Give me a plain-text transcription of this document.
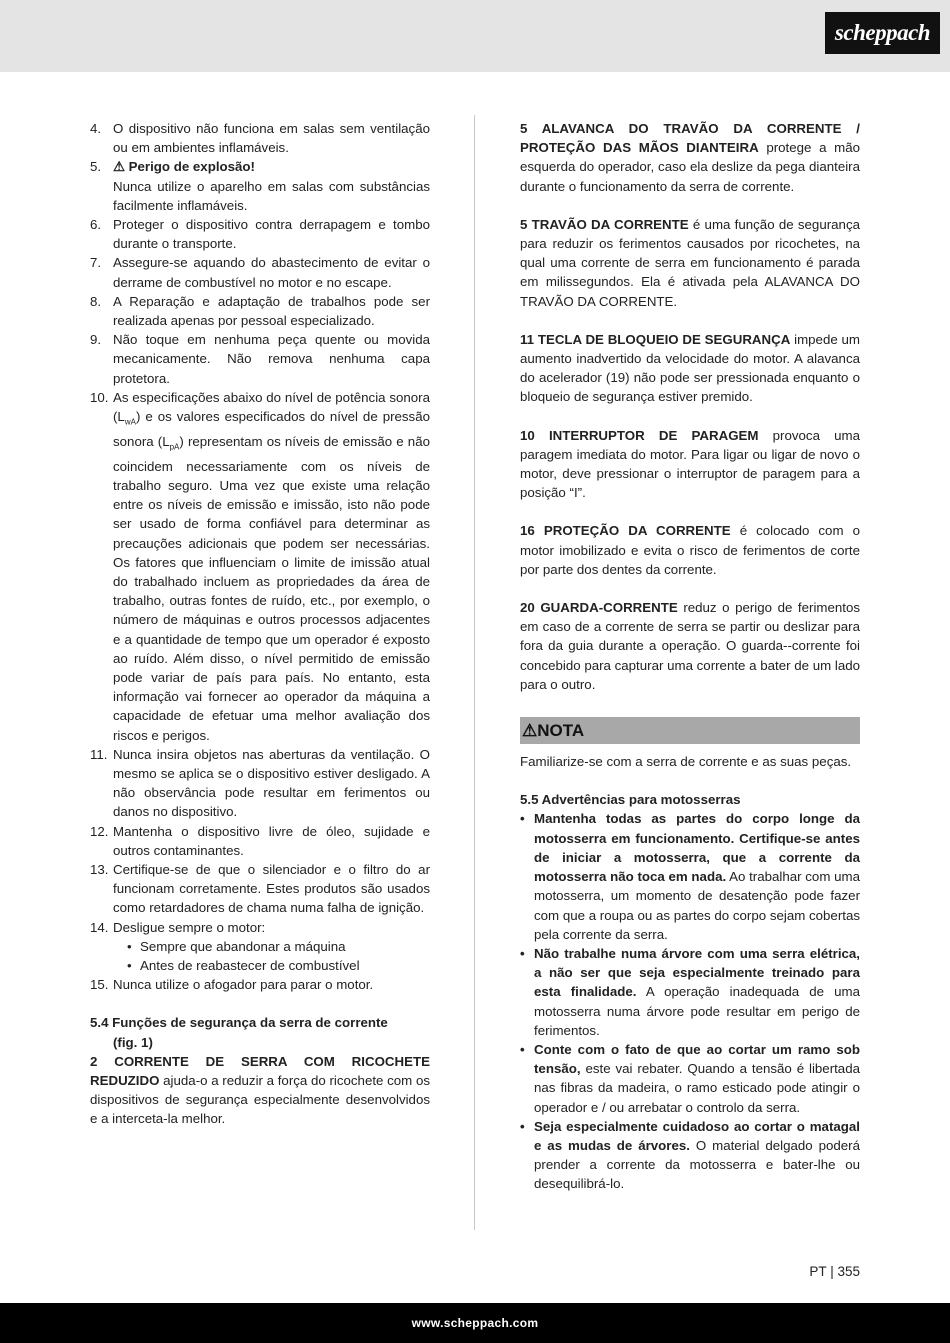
scheppach
4. O dispositivo não funciona em salas sem ventilação ou em ambientes inflamáveis.
5. ⚠ Perigo de explosão!
Nunca utilize o aparelho em salas com substâncias facilmente inflamáveis.
6. Proteger o dispositivo contra derrapagem e tombo durante o transporte.
7. Assegure-se aquando do abastecimento de evitar o derrame de combustível no motor e no escape.
8. A Reparação e adaptação de trabalhos pode ser realizada apenas por pessoal especializado.
9. Não toque em nenhuma peça quente ou movida mecanicamente. Não remova nenhuma capa protetora.
10. As especificações abaixo do nível de potência sonora $(L_{wA})$ e os valores especificados do nível de pressão sonora $(L_{pA})$ representam os níveis de emissão e não coincidem necessariamente com os níveis de trabalho seguro. Uma vez que existe uma relação entre os níveis de emissão e imissão, isto não pode ser usado de forma confiável para determinar as precauções adicionais que podem ser necessárias. Os fatores que influenciam o limite de imissão atual do trabalhado incluem as propriedades da área de trabalho, outras fontes de ruído, etc., por exemplo, o número de máquinas e outros processos adjacentes e a quantidade de tempo que um operador é exposto ao ruído. Além disso, o nível permitido de emissão pode variar de país para país. No entanto, esta informação vai fornecer ao operador da máquina a capacidade de efetuar uma melhor avaliação dos riscos e perigos.
11. Nunca insira objetos nas aberturas da ventilação. O mesmo se aplica se o dispositivo estiver desligado. A não observância pode resultar em ferimentos ou danos no dispositivo.
12. Mantenha o dispositivo livre de óleo, sujidade e outros contaminantes.
13. Certifique-se de que o silenciador e o filtro do ar funcionam corretamente. Estes produtos são usados como retardadores de chama numa falha de ignição.
14. Desligue sempre o motor:
• Sempre que abandonar a máquina
• Antes de reabastecer de combustível
15. Nunca utilize o afogador para parar o motor.
5.4 Funções de segurança da serra de corrente
(fig. 1)
2 CORRENTE DE SERRA COM RICOCHETE REDUZIDO ajuda-o a reduzir a força do ricochete com os dispositivos de segurança especialmente desenvolvidos e a interceta-la melhor.
5 ALAVANCA DO TRAVÃO DA CORRENTE / PROTEÇÃO DAS MÃOS DIANTEIRA protege a mão esquerda do operador, caso ela deslize da pega dianteira durante o funcionamento da serra de corrente.
5 TRAVÃO DA CORRENTE é uma função de segurança para reduzir os ferimentos causados por ricochetes, na qual uma corrente de serra em funcionamento é parada em milissegundos. Ela é ativada pela ALAVANCA DO TRAVÃO DA CORRENTE.
11 TECLA DE BLOQUEIO DE SEGURANÇA impede um aumento inadvertido da velocidade do motor. A alavanca do acelerador (19) não pode ser pressionada enquanto o bloqueio de segurança estiver premido.
10 INTERRUPTOR DE PARAGEM provoca uma paragem imediata do motor. Para ligar ou ligar de novo o motor, deve pressionar o interruptor de paragem para a posição “I”.
16 PROTEÇÃO DA CORRENTE é colocado com o motor imobilizado e evita o risco de ferimentos de corte por parte dos dentes da corrente.
20 GUARDA-CORRENTE reduz o perigo de ferimentos em caso de a corrente de serra se partir ou deslizar para fora da guia durante a operação. O guarda--corrente foi concebido para capturar uma corrente a bater de um lado para o outro.
⚠NOTA
Familiarize-se com a serra de corrente e as suas peças.
5.5 Advertências para motosserras
• Mantenha todas as partes do corpo longe da motosserra em funcionamento. Certifique-se antes de iniciar a motosserra, que a corrente da motosserra não toca em nada. Ao trabalhar com uma motosserra, um momento de desatenção pode fazer com que a roupa ou as partes do corpo sejam cobertas pela corrente da serra.
• Não trabalhe numa árvore com uma serra elétrica, a não ser que seja especialmente treinado para esta finalidade. A operação inadequada de uma motosserra numa árvore pode resultar em perigo de ferimentos.
• Conte com o fato de que ao cortar um ramo sob tensão, este vai rebater. Quando a tensão é libertada nas fibras da madeira, o ramo esticado pode atingir o operador e / ou arrebatar o controlo da serra.
• Seja especialmente cuidadoso ao cortar o matagal e as mudas de árvores. O material delgado poderá prender a corrente da motosserra e bater-lhe ou desequilibrá-lo.
PT | 355
www.scheppach.com
